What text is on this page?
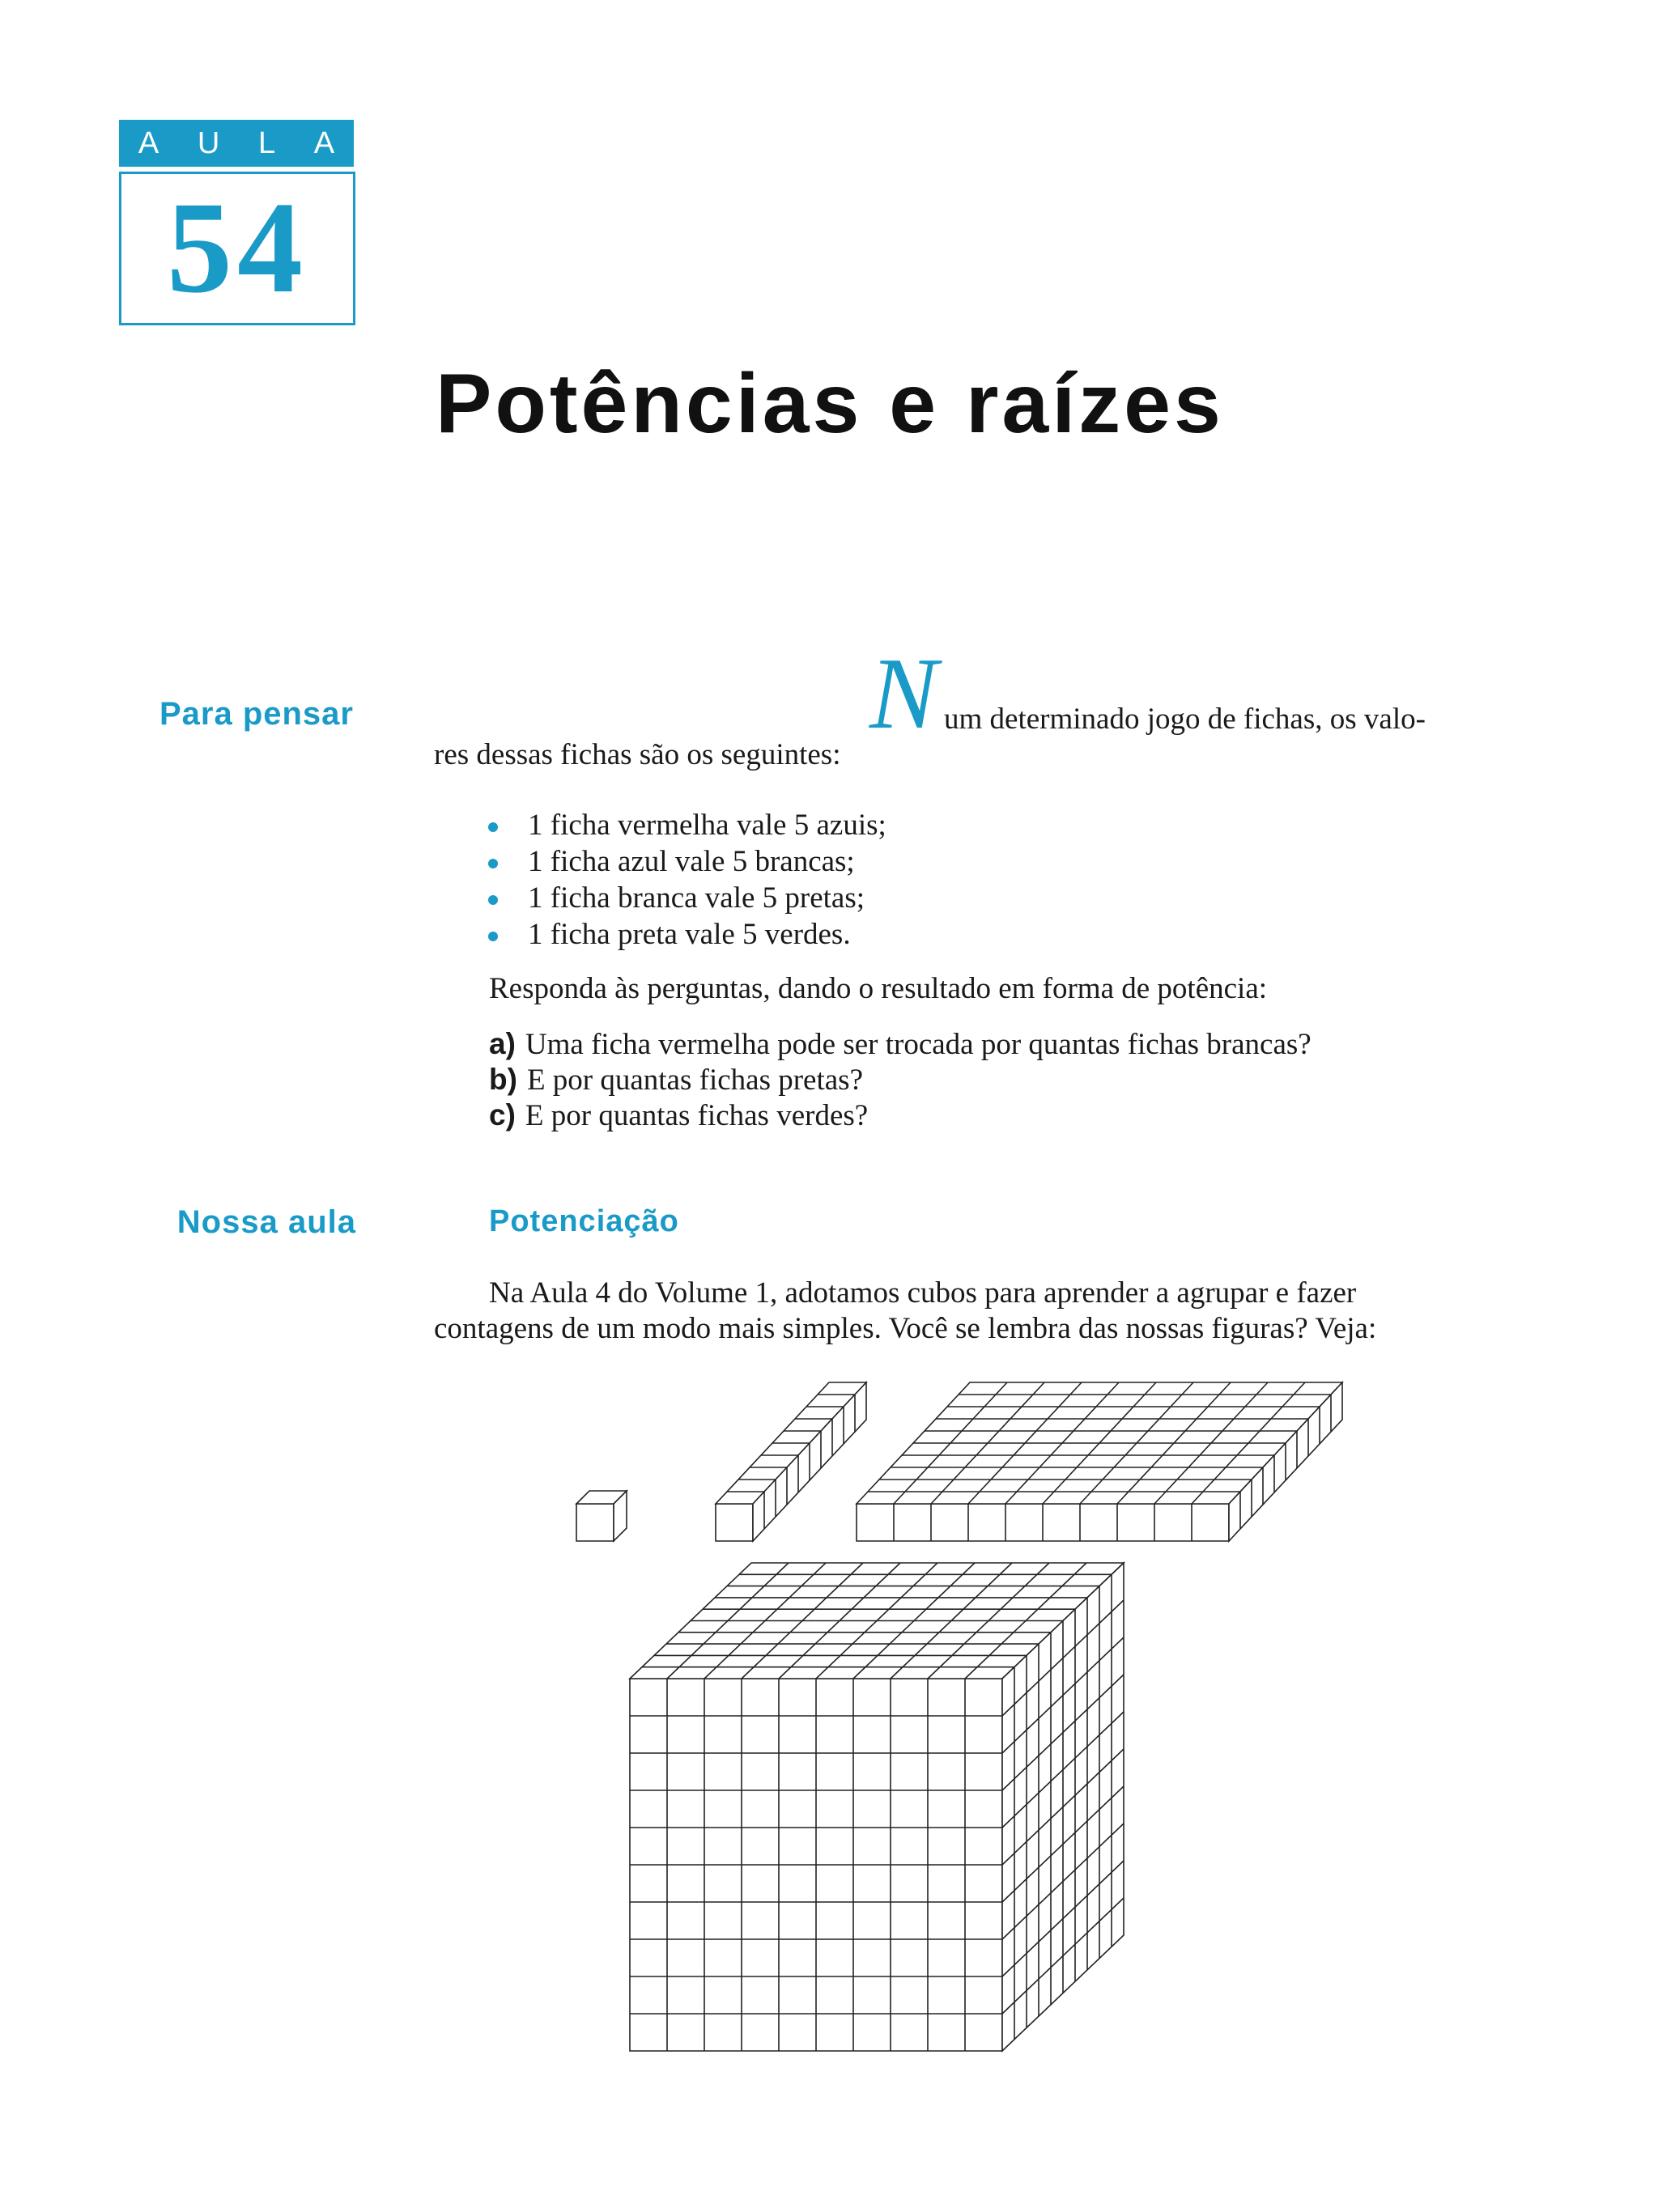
A U L A
54
Potências e raízes
Para pensar	N um determinado jogo de fichas, os valo-
res dessas fichas são os seguintes:
1 ficha vermelha vale 5 azuis;
1 ficha azul vale 5 brancas;
1 ficha branca vale 5 pretas;
1 ficha preta vale 5 verdes.
Responda às perguntas, dando o resultado em forma de potência:
a) Uma ficha vermelha pode ser trocada por quantas fichas brancas?
b) E por quantas fichas pretas?
c) E por quantas fichas verdes?
Nossa aula	Potenciação
Na Aula 4 do Volume 1, adotamos cubos para aprender a agrupar e fazer
contagens de um modo mais simples. Você se lembra das nossas figuras? Veja:
